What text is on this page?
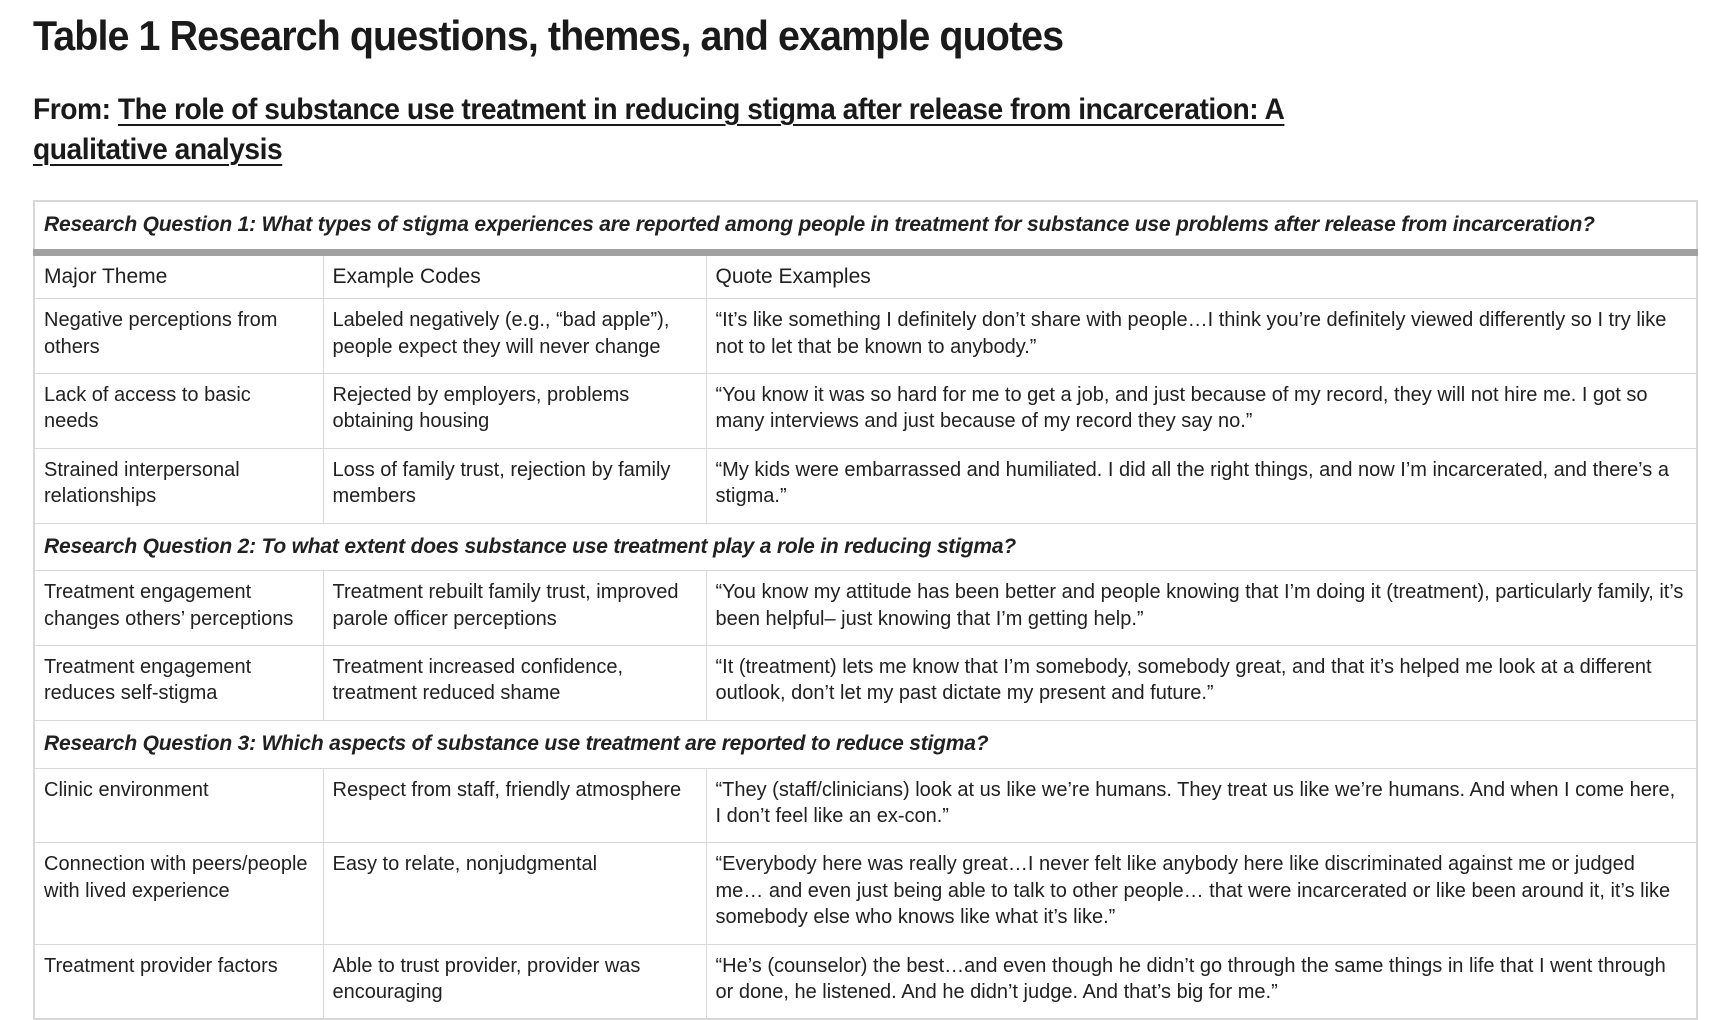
Table 1 Research questions, themes, and example quotes
From: The role of substance use treatment in reducing stigma after release from incarceration: A qualitative analysis
Research Question 1: What types of stigma experiences are reported among people in treatment for substance use problems after release from incarceration?		
Major Theme	Example Codes	Quote Examples
Negative perceptions from others	Labeled negatively (e.g., “bad apple”), people expect they will never change	“It’s like something I definitely don’t share with people…I think you’re definitely viewed differently so I try like not to let that be known to anybody.”
Lack of access to basic needs	Rejected by employers, problems obtaining housing	“You know it was so hard for me to get a job, and just because of my record, they will not hire me. I got so many interviews and just because of my record they say no.”
Strained interpersonal relationships	Loss of family trust, rejection by family members	“My kids were embarrassed and humiliated. I did all the right things, and now I’m incarcerated, and there’s a stigma.”
Research Question 2: To what extent does substance use treatment play a role in reducing stigma?		
Treatment engagement changes others’ perceptions	Treatment rebuilt family trust, improved parole officer perceptions	“You know my attitude has been better and people knowing that I’m doing it (treatment), particularly family, it’s been helpful– just knowing that I’m getting help.”
Treatment engagement reduces self-stigma	Treatment increased confidence, treatment reduced shame	“It (treatment) lets me know that I’m somebody, somebody great, and that it’s helped me look at a different outlook, don’t let my past dictate my present and future.”
Research Question 3: Which aspects of substance use treatment are reported to reduce stigma?		
Clinic environment	Respect from staff, friendly atmosphere	“They (staff/clinicians) look at us like we’re humans. They treat us like we’re humans. And when I come here, I don’t feel like an ex-con.”
Connection with peers/people with lived experience	Easy to relate, nonjudgmental	“Everybody here was really great…I never felt like anybody here like discriminated against me or judged me… and even just being able to talk to other people… that were incarcerated or like been around it, it’s like somebody else who knows like what it’s like.”
Treatment provider factors	Able to trust provider, provider was encouraging	“He’s (counselor) the best…and even though he didn’t go through the same things in life that I went through or done, he listened. And he didn’t judge. And that’s big for me.”
